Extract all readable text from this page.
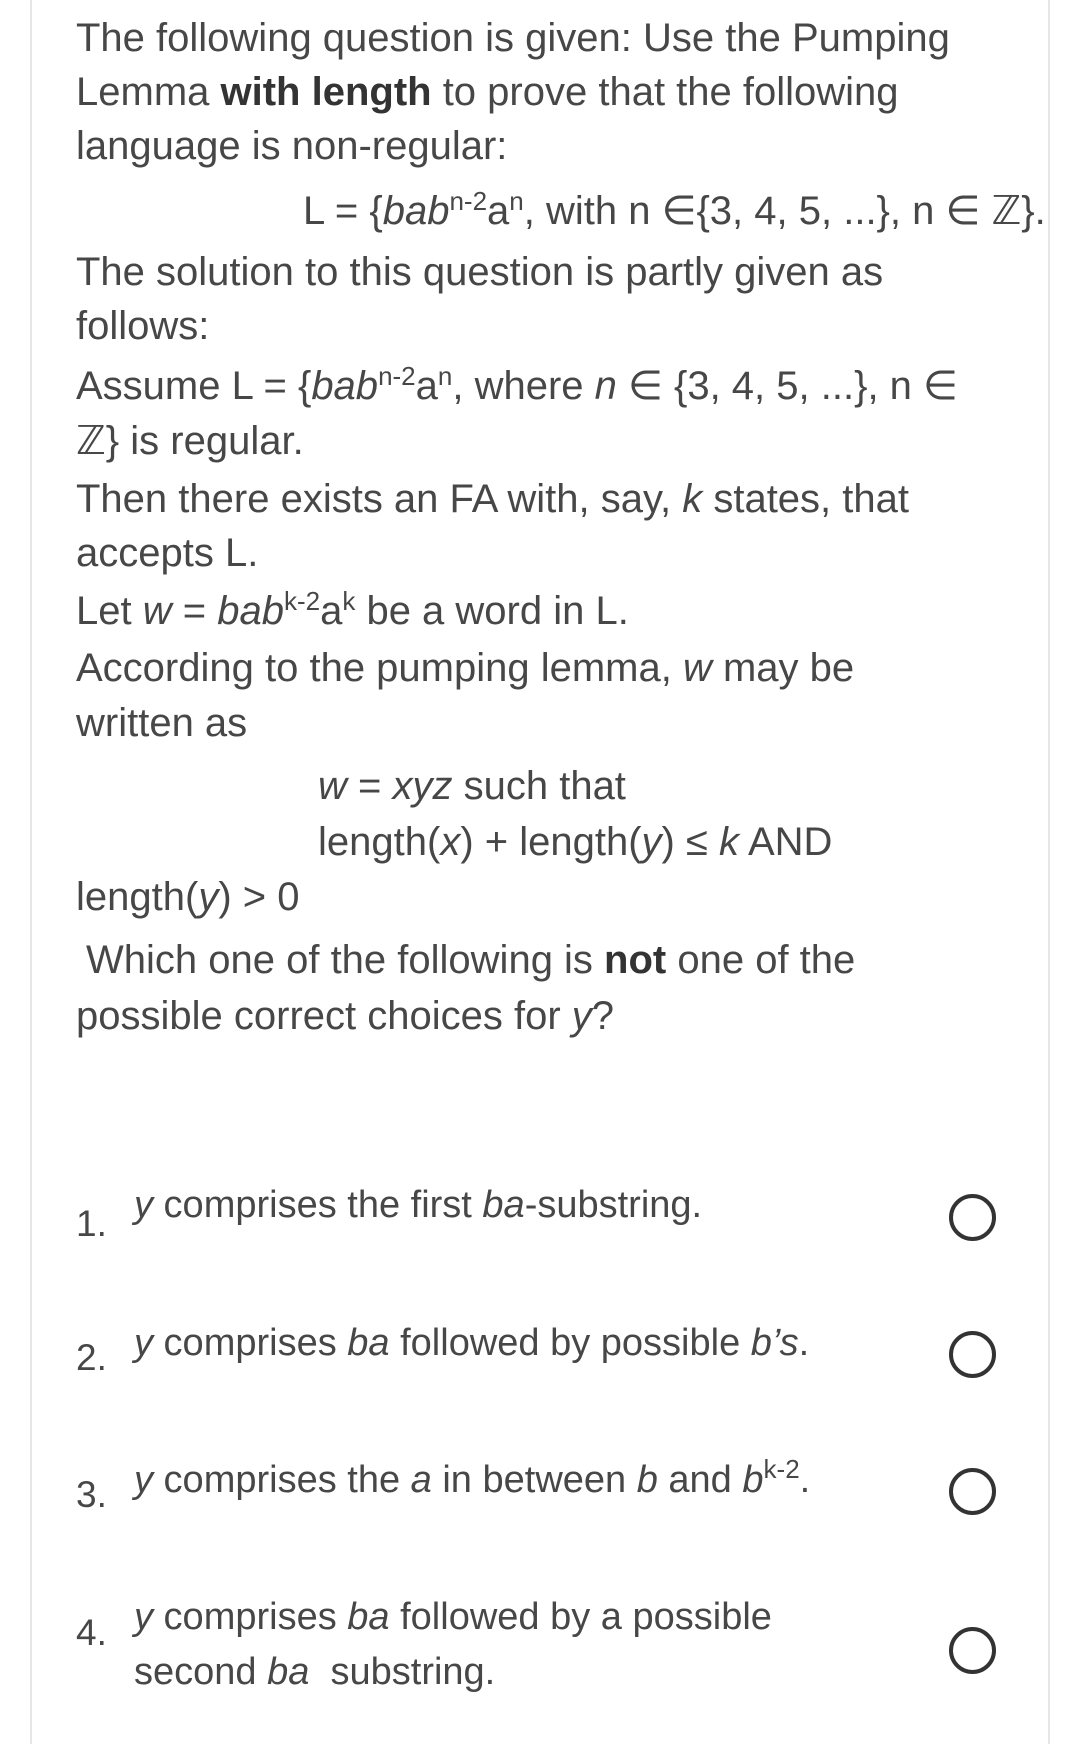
The following question is given: Use the Pumping
Lemma with length to prove that the following
language is non-regular:
$L = \{bab^{n-2}a^n$, with n ∈{3, 4, 5, ...}, n ∈ ℤ}.
The solution to this question is partly given as
follows:
Assume $L = \{bab^{n-2}a^n$, where n ∈ {3, 4, 5, ...}, n ∈
ℤ} is regular.
Then there exists an FA with, say, k states, that
accepts L.
Let $w = bab^{k-2}a^k$ be a word in L.
According to the pumping lemma, w may be
written as
w = xyz such that
length(x) + length(y) ≤ k AND
length(y) > 0
Which one of the following is not one of the
possible correct choices for y?
1. y comprises the first ba-substring.
2. y comprises ba followed by possible b’s.
3. y comprises the a in between b and $b^{k-2}$.
4. y comprises ba followed by a possible
second ba  substring.
